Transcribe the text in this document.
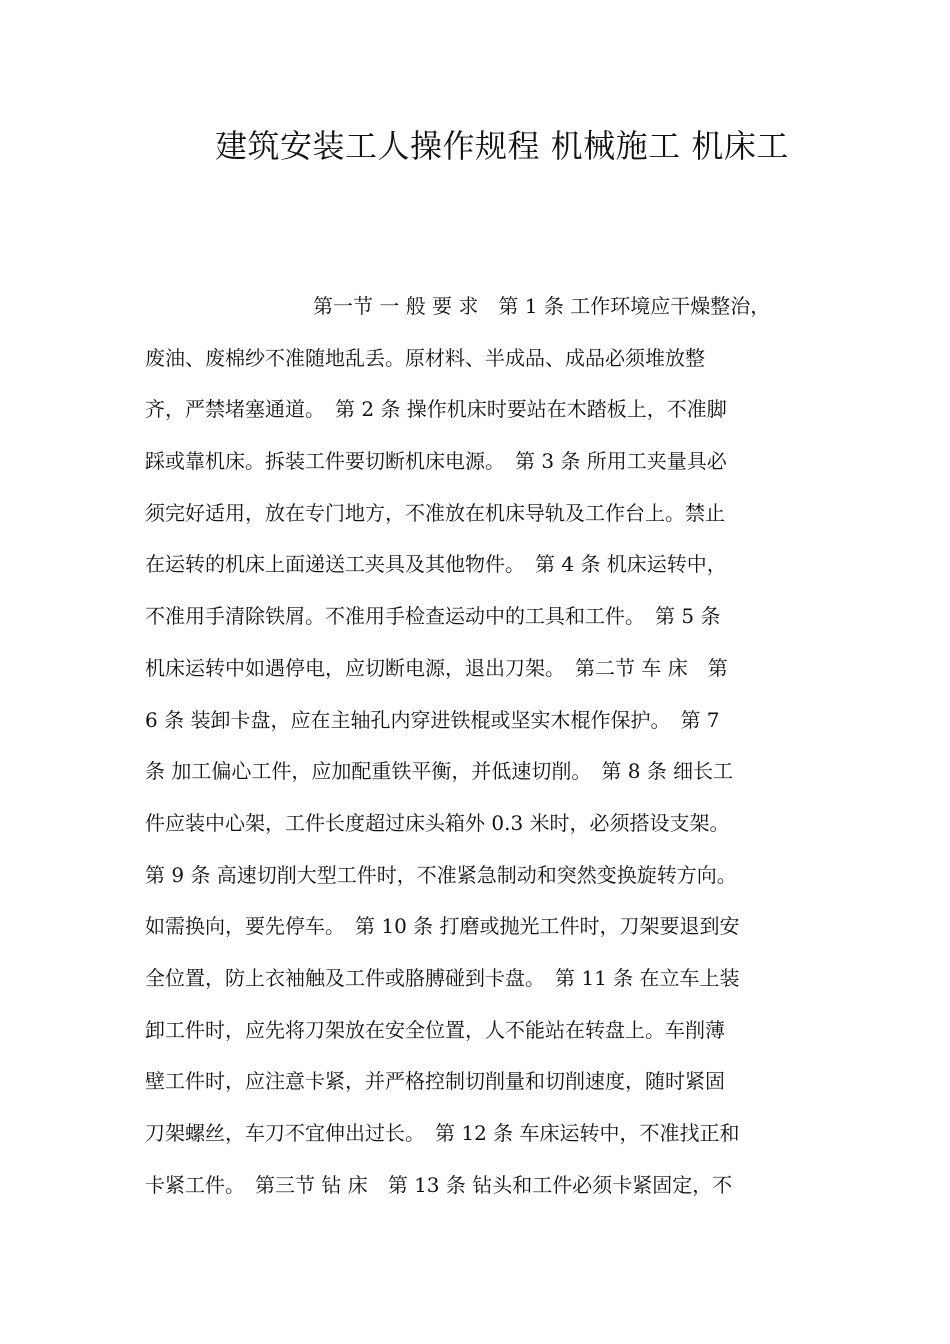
建筑安装工人操作规程 机械施工 机床工
第一节 一 般 要 求　第 1 条 工作环境应干燥整治，
废油、废棉纱不准随地乱丢。原材料、半成品、成品必须堆放整
齐，严禁堵塞通道。　第 2 条 操作机床时要站在木踏板上，不准脚
踩或靠机床。拆装工件要切断机床电源。　第 3 条 所用工夹量具必
须完好适用，放在专门地方，不准放在机床导轨及工作台上。禁止
在运转的机床上面递送工夹具及其他物件。　第 4 条 机床运转中，
不准用手清除铁屑。不准用手检查运动中的工具和工件。　第 5 条
机床运转中如遇停电，应切断电源，退出刀架。　第二节 车 床　第
6 条 装卸卡盘，应在主轴孔内穿进铁棍或坚实木棍作保护。　第 7
条 加工偏心工件，应加配重铁平衡，并低速切削。　第 8 条 细长工
件应装中心架，工件长度超过床头箱外 0.3 米时，必须搭设支架。
第 9 条 高速切削大型工件时，不准紧急制动和突然变换旋转方向。
如需换向，要先停车。　第 10 条 打磨或抛光工件时，刀架要退到安
全位置，防上衣袖触及工件或胳膊碰到卡盘。　第 11 条 在立车上装
卸工件时，应先将刀架放在安全位置，人不能站在转盘上。车削薄
壁工件时，应注意卡紧，并严格控制切削量和切削速度，随时紧固
刀架螺丝，车刀不宜伸出过长。　第 12 条 车床运转中，不准找正和
卡紧工件。　第三节 钻 床　第 13 条 钻头和工件必须卡紧固定，不
